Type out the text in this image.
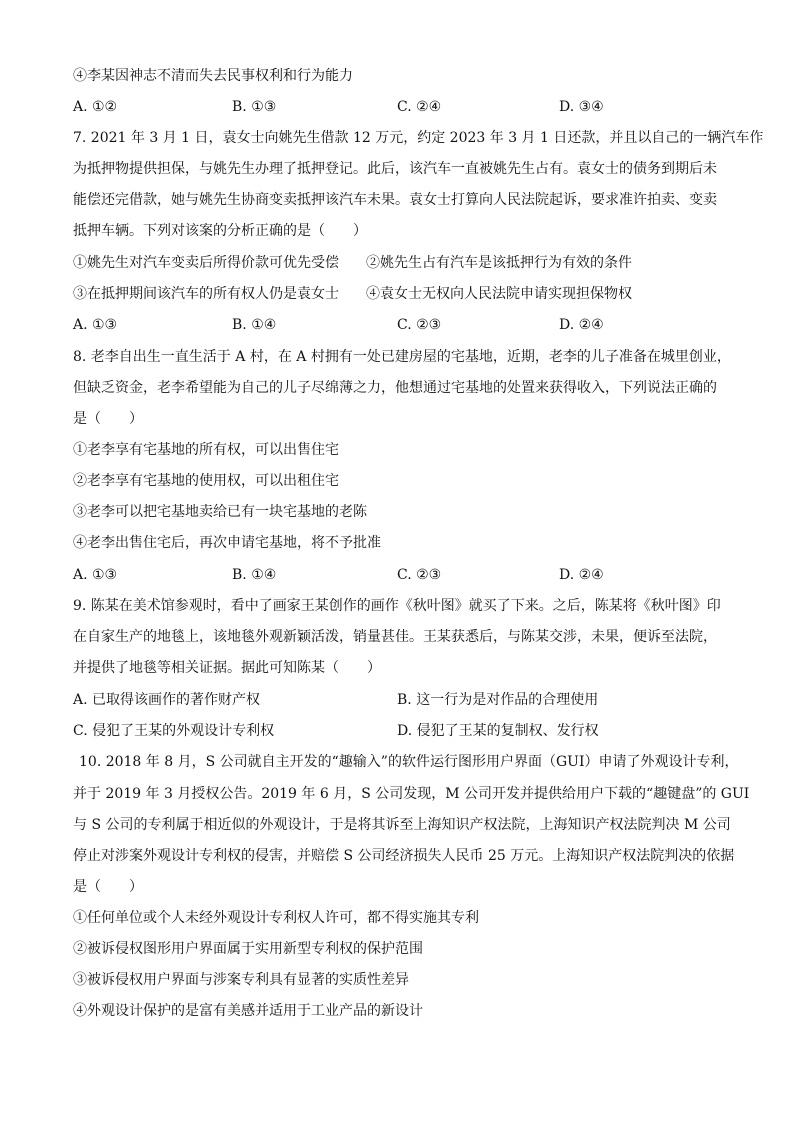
④李某因神志不清而失去民事权利和行为能力
A. ①②	B. ①③	C. ②④	D. ③④
7. 2021 年 3 月 1 日，袁女士向姚先生借款 12 万元，约定 2023 年 3 月 1 日还款，并且以自己的一辆汽车作
为抵押物提供担保，与姚先生办理了抵押登记。此后，该汽车一直被姚先生占有。袁女士的债务到期后未
能偿还完借款，她与姚先生协商变卖抵押该汽车未果。袁女士打算向人民法院起诉，要求准许拍卖、变卖
抵押车辆。下列对该案的分析正确的是（　　）
①姚先生对汽车变卖后所得价款可优先受偿 ②姚先生占有汽车是该抵押行为有效的条件
③在抵押期间该汽车的所有权人仍是袁女士 ④袁女士无权向人民法院申请实现担保物权
A. ①③	B. ①④	C. ②③	D. ②④
8. 老李自出生一直生活于 A 村，在 A 村拥有一处已建房屋的宅基地，近期，老李的儿子准备在城里创业，
但缺乏资金，老李希望能为自己的儿子尽绵薄之力，他想通过宅基地的处置来获得收入，下列说法正确的
是（　　）
①老李享有宅基地的所有权，可以出售住宅
②老李享有宅基地的使用权，可以出租住宅
③老李可以把宅基地卖给已有一块宅基地的老陈
④老李出售住宅后，再次申请宅基地，将不予批准
A. ①③	B. ①④	C. ②③	D. ②④
9. 陈某在美术馆参观时，看中了画家王某创作的画作《秋叶图》就买了下来。之后，陈某将《秋叶图》印
在自家生产的地毯上，该地毯外观新颖活泼，销量甚佳。王某获悉后，与陈某交涉，未果，便诉至法院，
并提供了地毯等相关证据。据此可知陈某（　　）
A. 已取得该画作的著作财产权	B. 这一行为是对作品的合理使用
C. 侵犯了王某的外观设计专利权	D. 侵犯了王某的复制权、发行权
10. 2018 年 8 月，S 公司就自主开发的“趣输入”的软件运行图形用户界面（GUI）申请了外观设计专利，
并于 2019 年 3 月授权公告。2019 年 6 月，S 公司发现，M 公司开发并提供给用户下载的“趣键盘”的 GUI
与 S 公司的专利属于相近似的外观设计，于是将其诉至上海知识产权法院，上海知识产权法院判决 M 公司
停止对涉案外观设计专利权的侵害，并赔偿 S 公司经济损失人民币 25 万元。上海知识产权法院判决的依据
是（　　）
①任何单位或个人未经外观设计专利权人许可，都不得实施其专利
②被诉侵权图形用户界面属于实用新型专利权的保护范围
③被诉侵权用户界面与涉案专利具有显著的实质性差异
④外观设计保护的是富有美感并适用于工业产品的新设计
